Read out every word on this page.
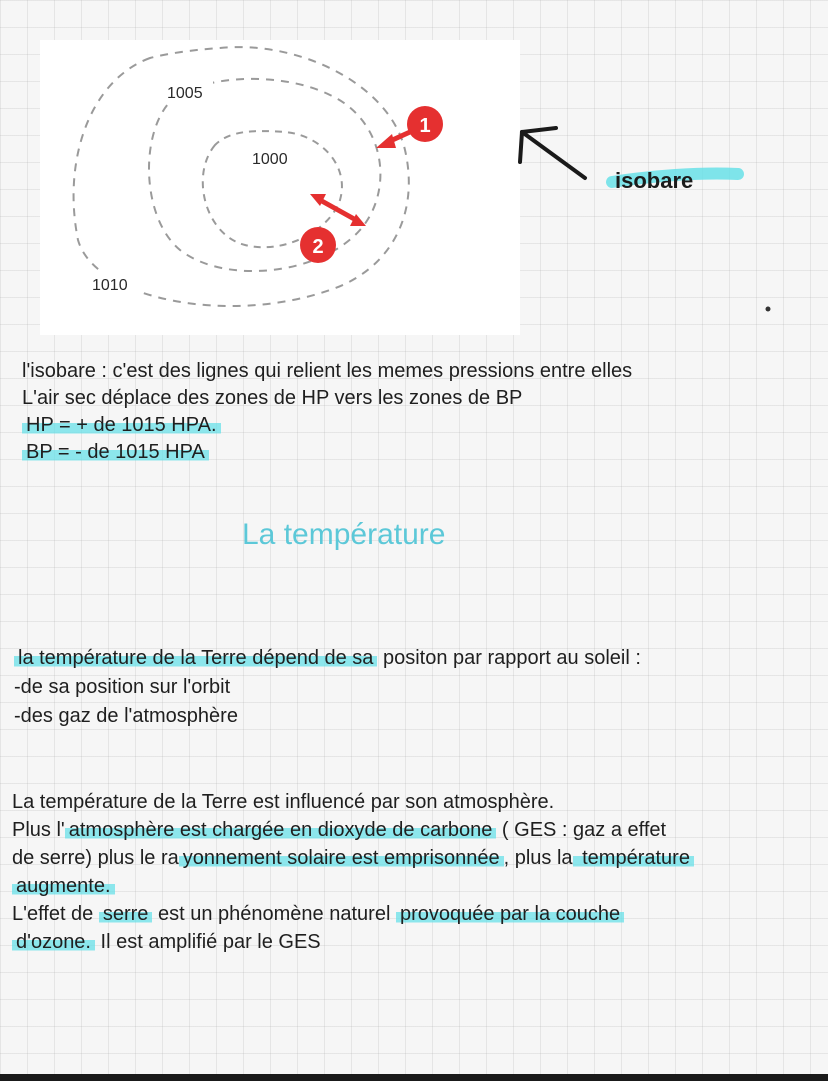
1005
1000
1010
1
2
isobare

l'isobare : c'est des lignes qui relient les memes pressions entre elles

L'air sec déplace des zones de HP vers les zones de BP

HP = + de 1015 HPA.

BP = - de 1015 HPA

La température

la température de la Terre dépend de sa positon par rapport au soleil :

-de sa position sur l'orbit

-des gaz de l'atmosphère

La température de la Terre est influencé par son atmosphère.

Plus l' atmosphère est chargée en dioxyde de carbone ( GES : gaz a effet

de serre) plus le ra yonnement solaire est emprisonnée , plus la température

augmente.

L'effet de serre est un phénomène naturel provoquée par la couche

d'ozone. Il est amplifié par le GES
